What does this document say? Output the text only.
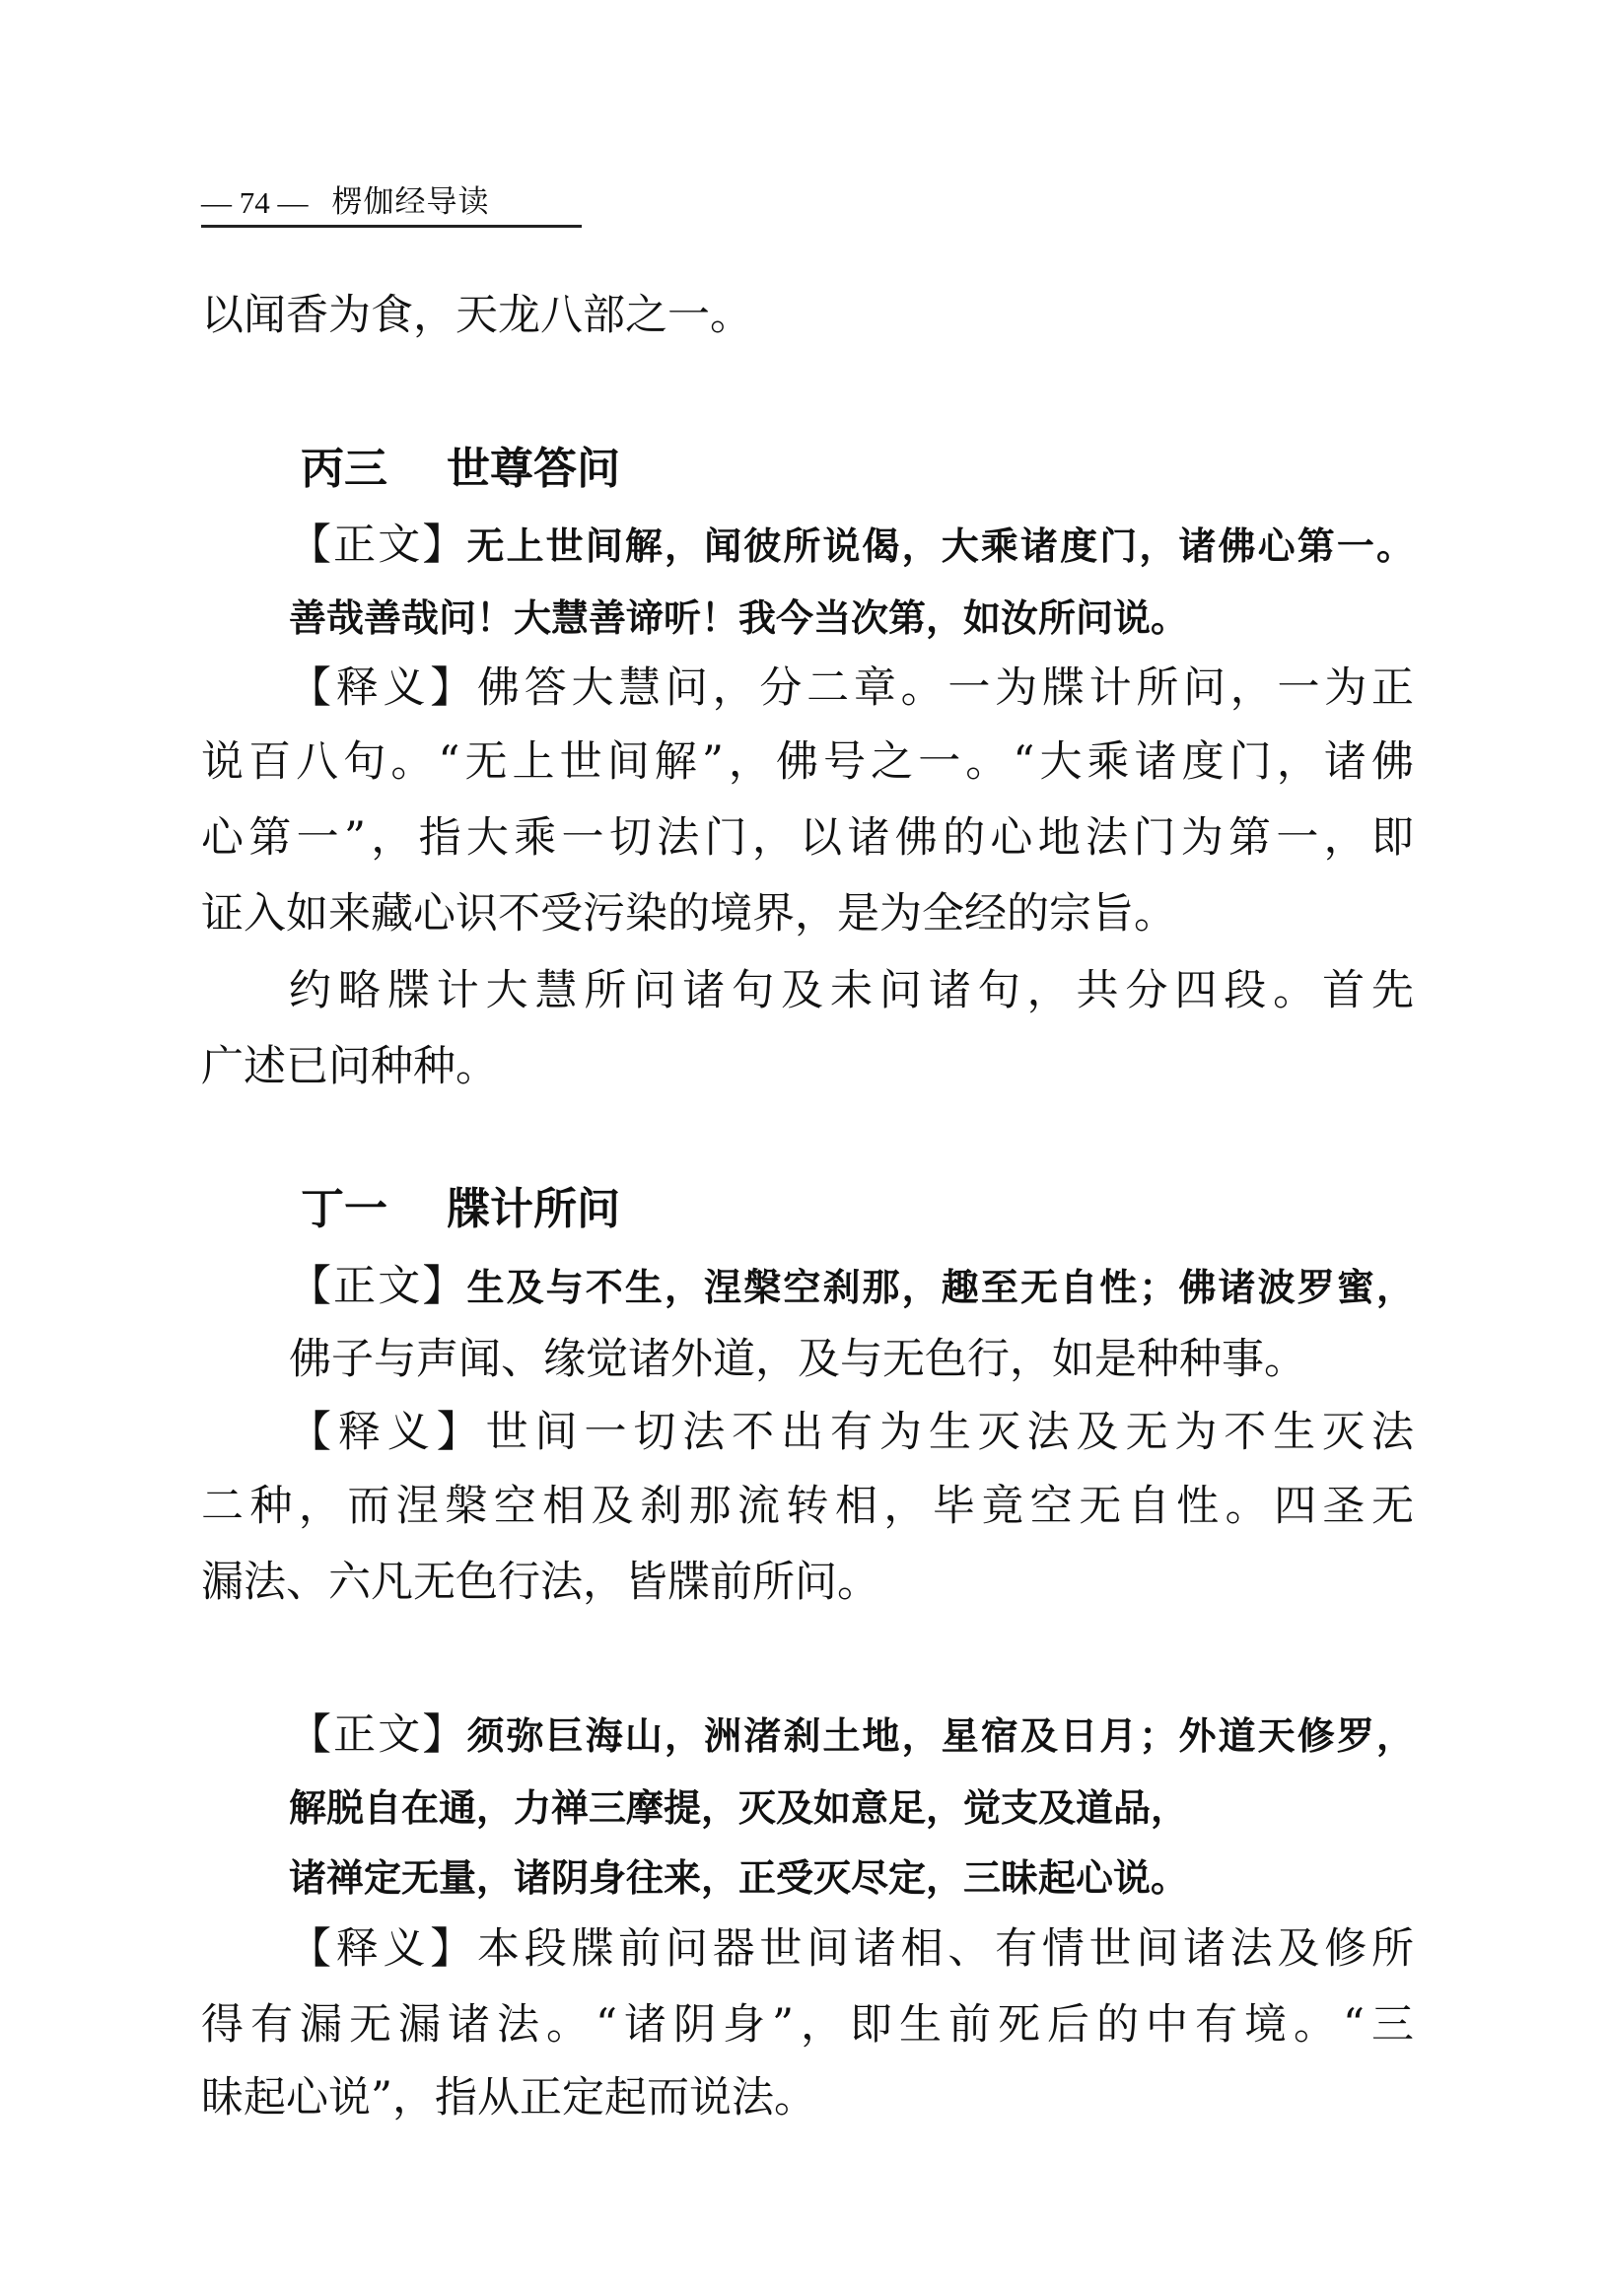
— 74 — 楞伽经导读
以闻香为食，天龙八部之一。
丙三 世尊答问
【正文】无上世间解，闻彼所说偈，大乘诸度门，诸佛心第一。
善哉善哉问！大慧善谛听！我今当次第，如汝所问说。
【释义】佛答大慧问，分二章。一为牒计所问，一为正
说百八句。“无上世间解”，佛号之一。“大乘诸度门，诸佛
心第一”，指大乘一切法门，以诸佛的心地法门为第一，即
证入如来藏心识不受污染的境界，是为全经的宗旨。
约略牒计大慧所问诸句及未问诸句，共分四段。首先
广述已问种种。
丁一 牒计所问
【正文】生及与不生，涅槃空刹那，趣至无自性；佛诸波罗蜜，
佛子与声闻、缘觉诸外道，及与无色行，如是种种事。
【释义】世间一切法不出有为生灭法及无为不生灭法
二种，而涅槃空相及刹那流转相，毕竟空无自性。四圣无
漏法、六凡无色行法，皆牒前所问。
【正文】须弥巨海山，洲渚刹土地，星宿及日月；外道天修罗，
解脱自在通，力禅三摩提，灭及如意足，觉支及道品，
诸禅定无量，诸阴身往来，正受灭尽定，三昧起心说。
【释义】本段牒前问器世间诸相、有情世间诸法及修所
得有漏无漏诸法。“诸阴身”，即生前死后的中有境。“三
昧起心说”，指从正定起而说法。
